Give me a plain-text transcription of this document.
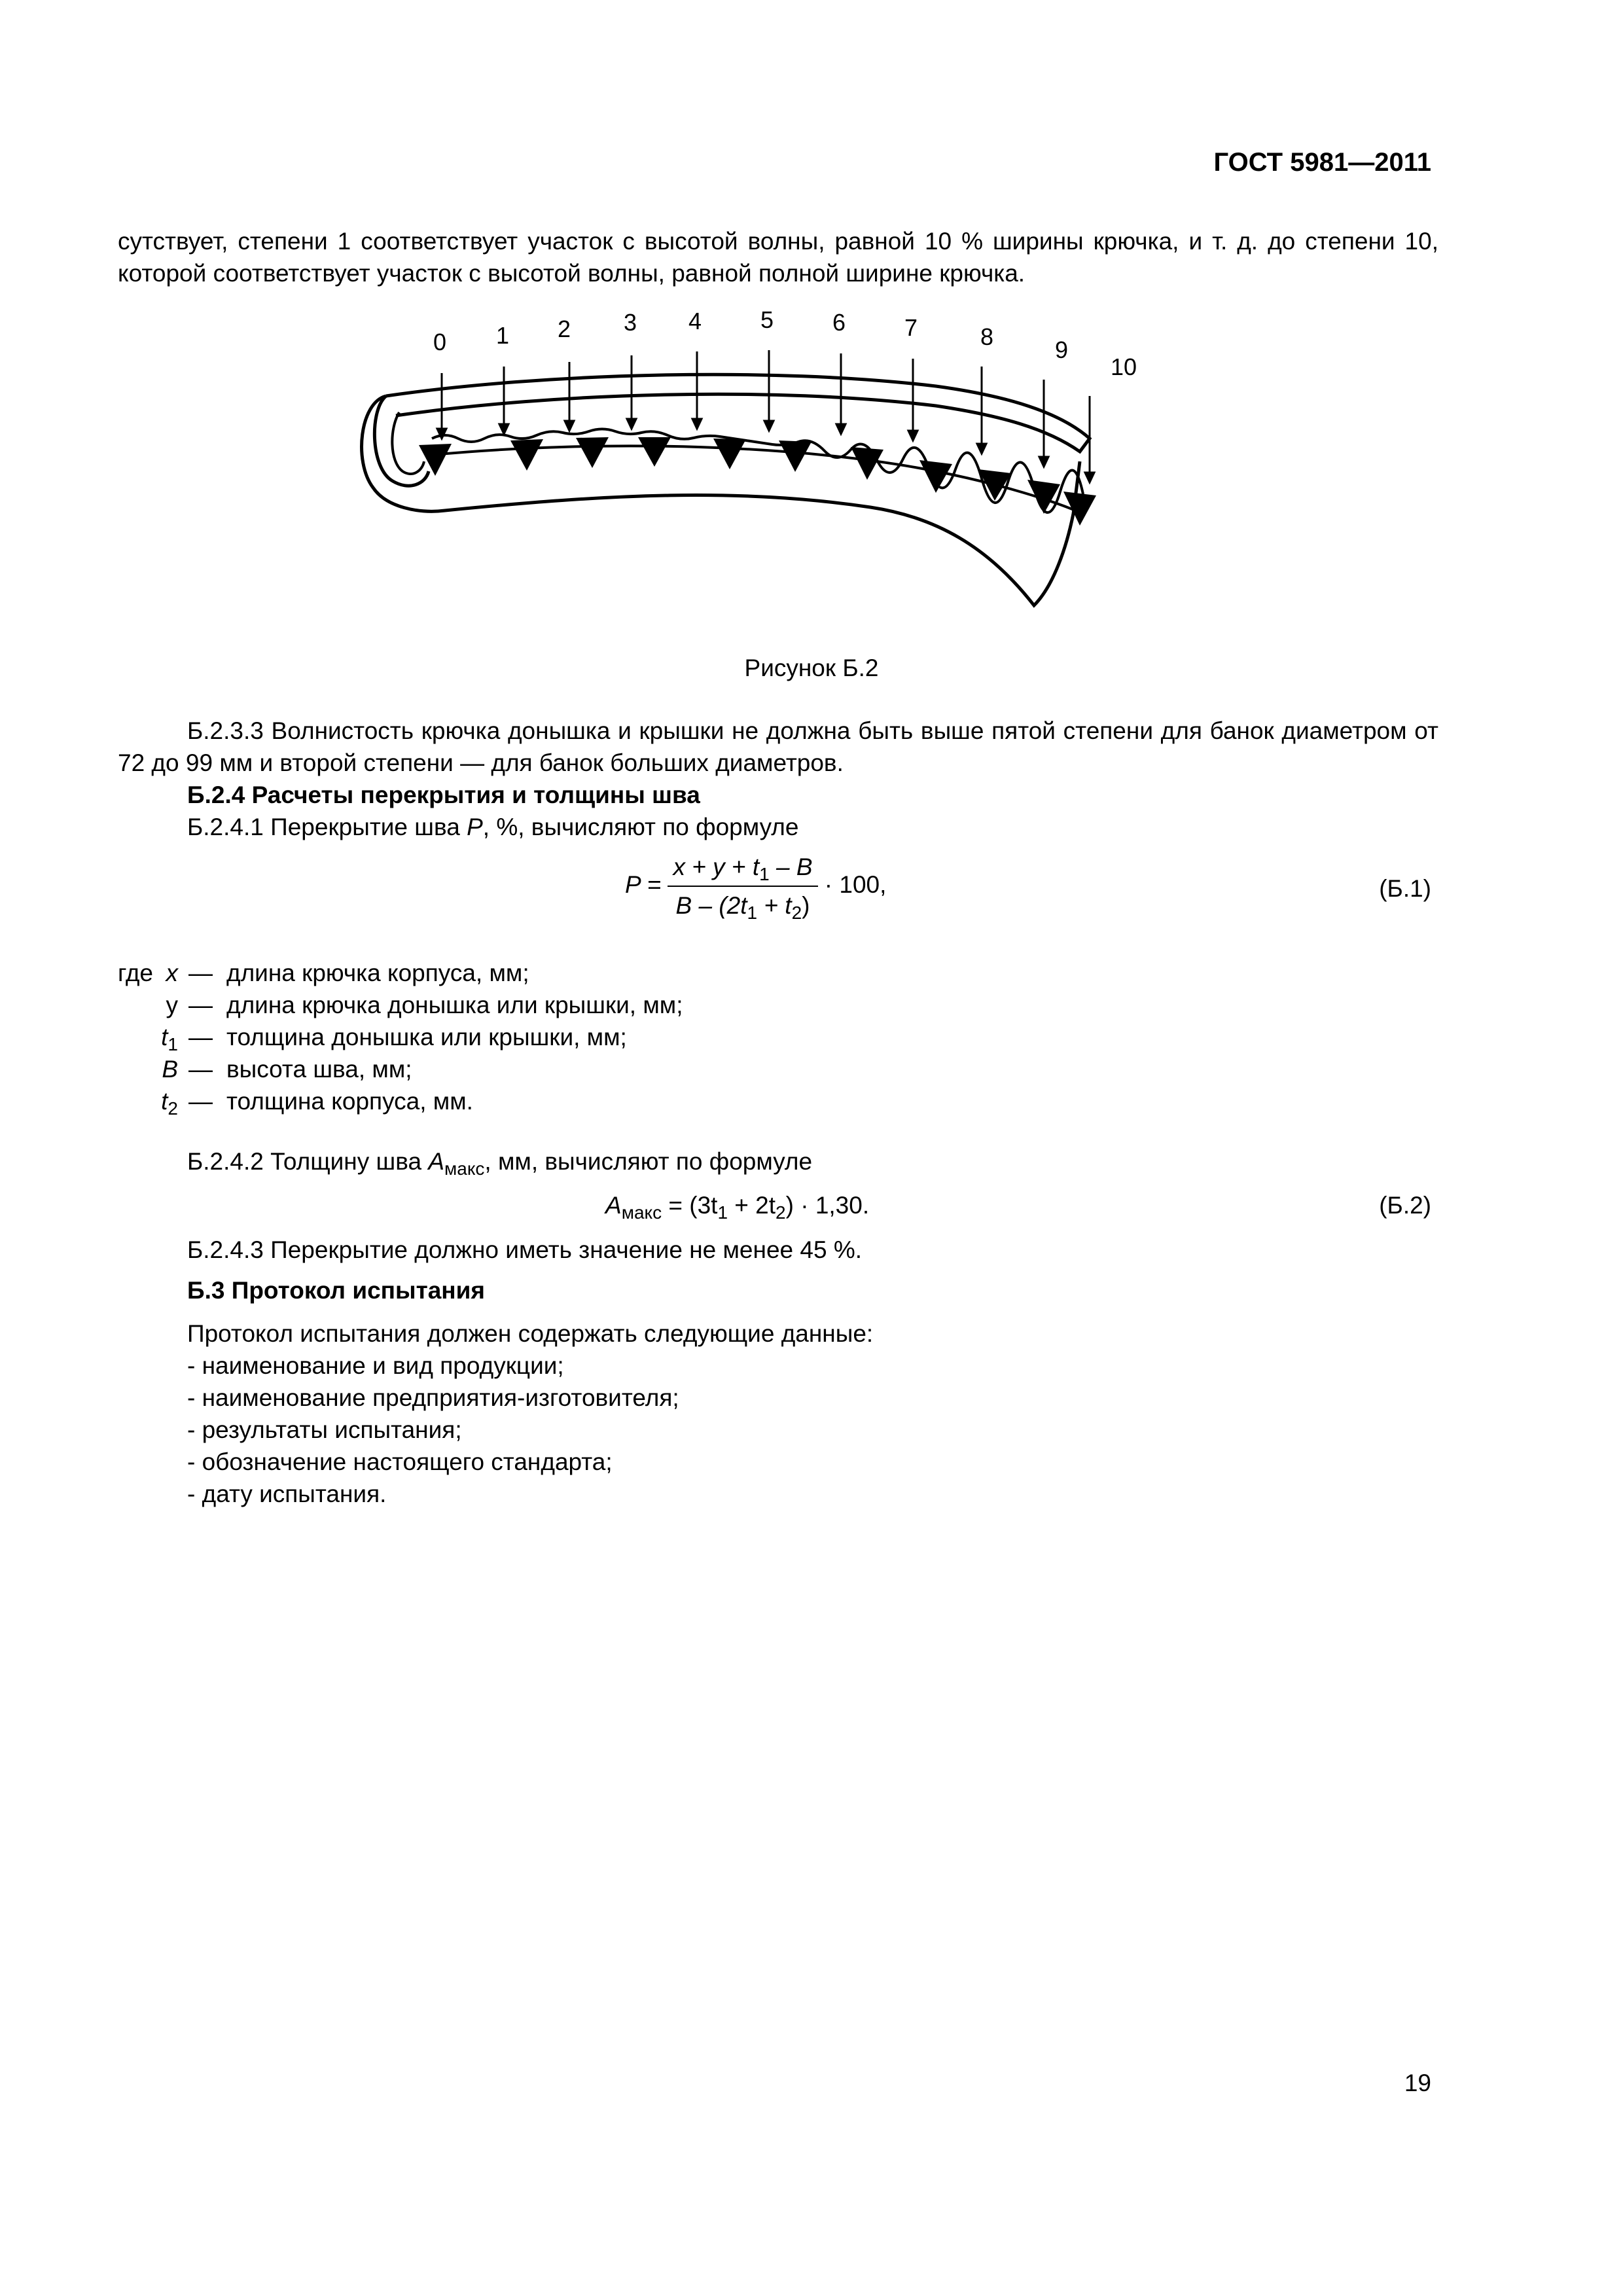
ГОСТ 5981—2011
сутствует, степени 1 соответствует участок с высотой волны, равной 10 % ширины крючка, и т. д. до степени 10, которой соответствует участок с высотой волны, равной полной ширине крючка.
0 1 2 3 4 5 6 7	8	9
10
Рисунок Б.2
Б.2.3.3 Волнистость крючка донышка и крышки не должна быть выше пятой степени для банок диаметром от 72 до 99 мм и второй степени — для банок больших диаметров.
Б.2.4 Расчеты перекрытия и толщины шва
Б.2.4.1 Перекрытие шва P, %, вычисляют по формуле
$P = \frac{x + y + t_1 - B}{B - (2t_1 + t_2)} \cdot 100$,	(Б.1)
где x — длина крючка корпуса, мм;
y — длина крючка донышка или крышки, мм;
$t_1$ — толщина донышка или крышки, мм;
B — высота шва, мм;
$t_2$ — толщина корпуса, мм.
Б.2.4.2 Толщину шва $A_{макс}$, мм, вычисляют по формуле
$A_{макс} = (3t_1 + 2t_2) \cdot 1,30$.	(Б.2)
Б.2.4.3 Перекрытие должно иметь значение не менее 45 %.
Б.3 Протокол испытания
Протокол испытания должен содержать следующие данные:
- наименование и вид продукции;
- наименование предприятия-изготовителя;
- результаты испытания;
- обозначение настоящего стандарта;
- дату испытания.
19
